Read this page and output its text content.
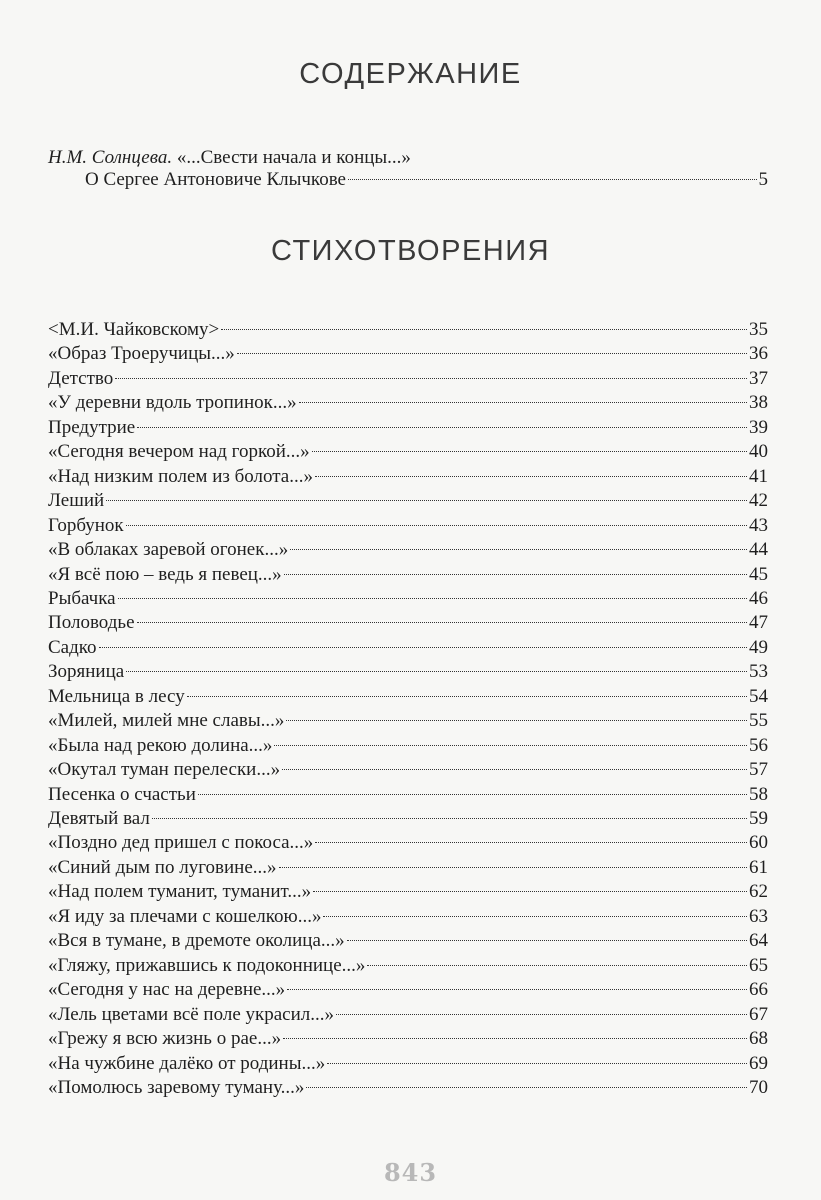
СОДЕРЖАНИЕ
Н.М. Солнцева. «...Свести начала и концы...»
О Сергее Антоновиче Клычкове	5
СТИХОТВОРЕНИЯ
<М.И. Чайковскому>	35
«Образ Троеручицы...»	36
Детство	37
«У деревни вдоль тропинок...»	38
Предутрие	39
«Сегодня вечером над горкой...»	40
«Над низким полем из болота...»	41
Леший	42
Горбунок	43
«В облаках заревой огонек...»	44
«Я всё пою – ведь я певец...»	45
Рыбачка	46
Половодье	47
Садко	49
Зоряница	53
Мельница в лесу	54
«Милей, милей мне славы...»	55
«Была над рекою долина...»	56
«Окутал туман перелески...»	57
Песенка о счастьи	58
Девятый вал	59
«Поздно дед пришел с покоса...»	60
«Синий дым по луговине...»	61
«Над полем туманит, туманит...»	62
«Я иду за плечами с кошелкою...»	63
«Вся в тумане, в дремоте околица...»	64
«Гляжу, прижавшись к подоконнице...»	65
«Сегодня у нас на деревне...»	66
«Лель цветами всё поле украсил...»	67
«Грежу я всю жизнь о рае...»	68
«На чужбине далёко от родины...»	69
«Помолюсь заревому туману...»	70
843
